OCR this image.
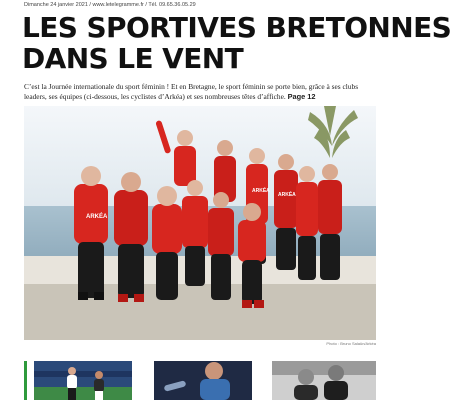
Dimanche 24 janvier 2021 / www.letelegramme.fr / Tél. 09.65.36.05.29
LES SPORTIVES BRETONNES
DANS LE VENT

C’est la Journée internationale du sport féminin ! Et en Bretagne, le sport féminin se porte bien, grâce à ses clubs leaders, ses équipes (ci-dessous, les cyclistes d’Arkéa) et ses nombreuses têtes d’affiche. Page 12

ARKÉA
ARKÉA
ARKÉA
Photo : Bruno Salaün/Arkéa
